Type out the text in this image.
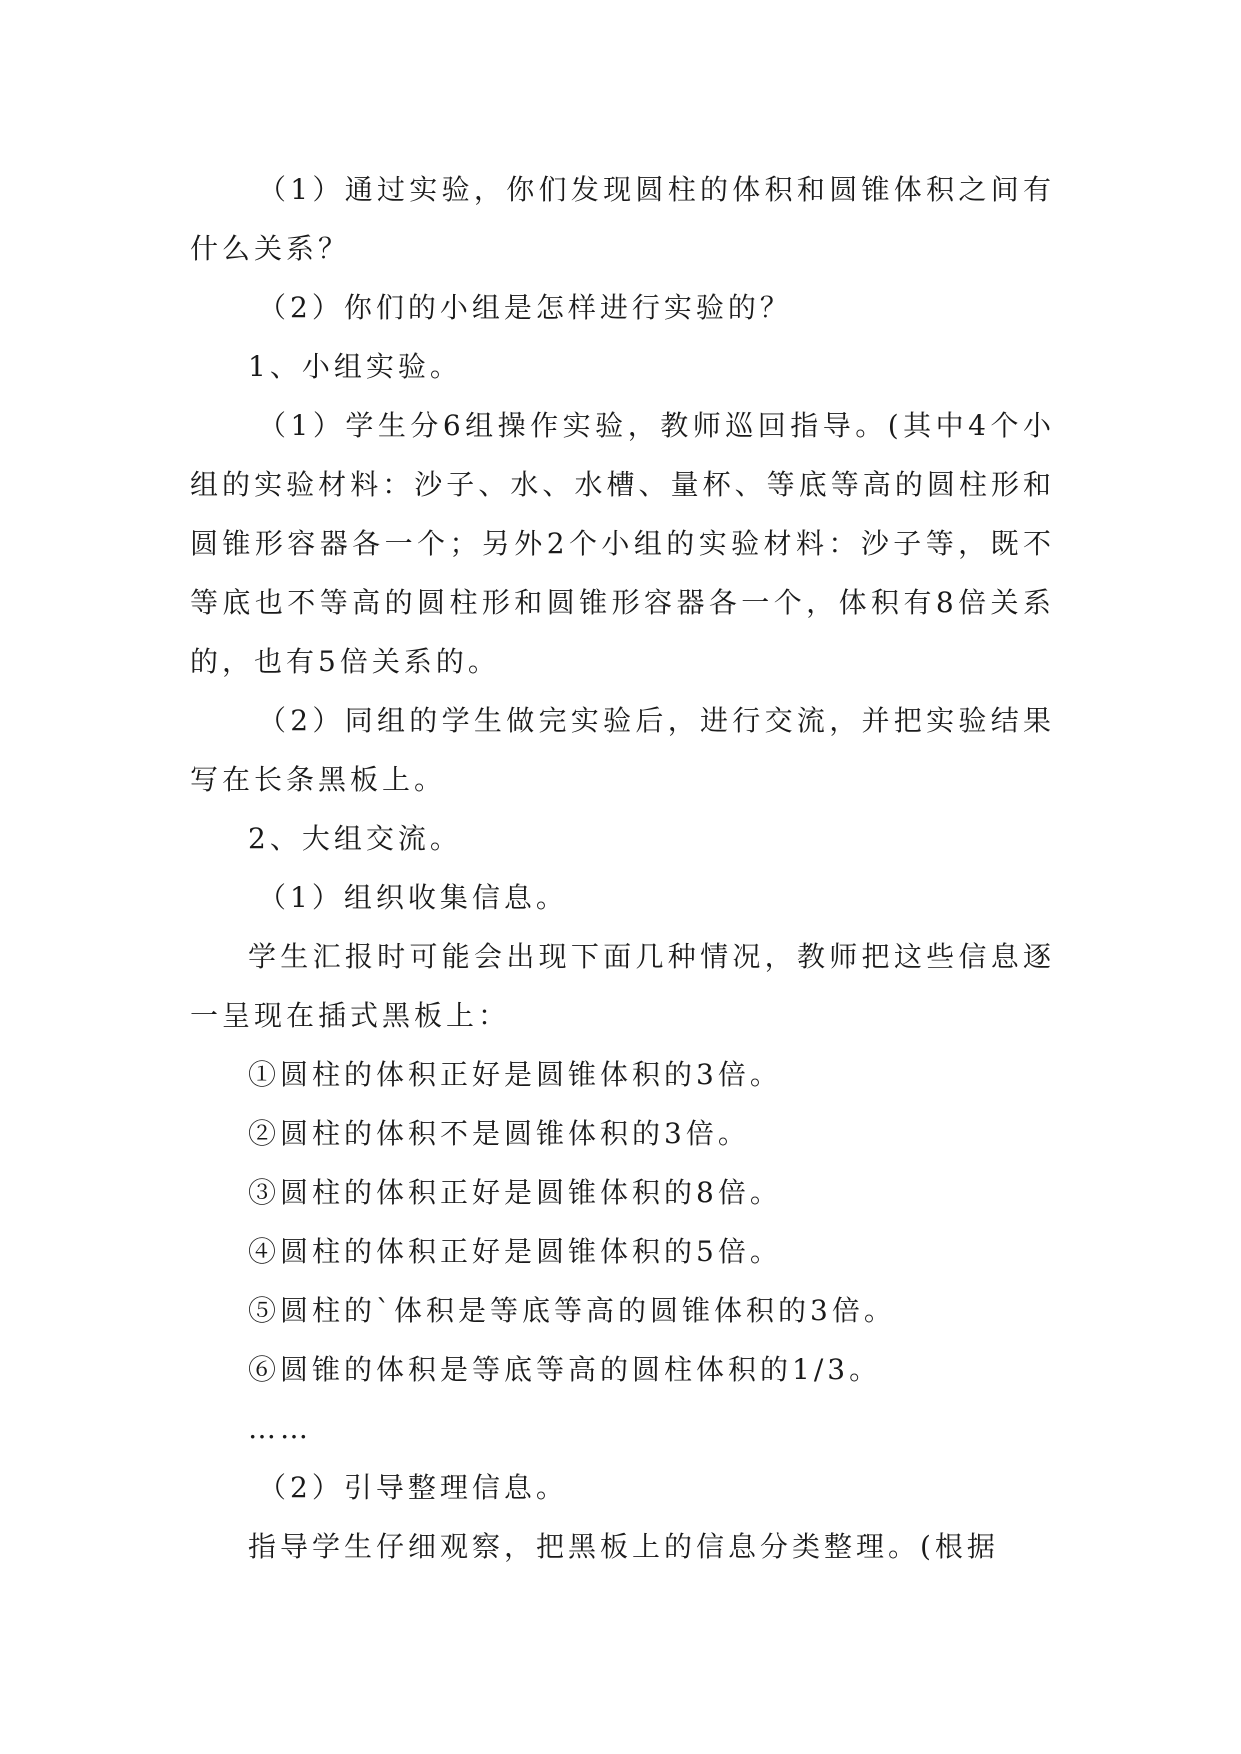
（1）通过实验，你们发现圆柱的体积和圆锥体积之间有什么关系？

（2）你们的小组是怎样进行实验的？

1、小组实验。

（1）学生分6组操作实验，教师巡回指导。(其中4个小组的实验材料：沙子、水、水槽、量杯、等底等高的圆柱形和圆锥形容器各一个；另外2个小组的实验材料：沙子等，既不等底也不等高的圆柱形和圆锥形容器各一个，体积有8倍关系的，也有5倍关系的。

（2）同组的学生做完实验后，进行交流，并把实验结果写在长条黑板上。

2、大组交流。

（1）组织收集信息。

学生汇报时可能会出现下面几种情况，教师把这些信息逐一呈现在插式黑板上：

①圆柱的体积正好是圆锥体积的3倍。

②圆柱的体积不是圆锥体积的3倍。

③圆柱的体积正好是圆锥体积的8倍。

④圆柱的体积正好是圆锥体积的5倍。

⑤圆柱的`体积是等底等高的圆锥体积的3倍。

⑥圆锥的体积是等底等高的圆柱体积的1/3。

……

（2）引导整理信息。

指导学生仔细观察，把黑板上的信息分类整理。(根据
